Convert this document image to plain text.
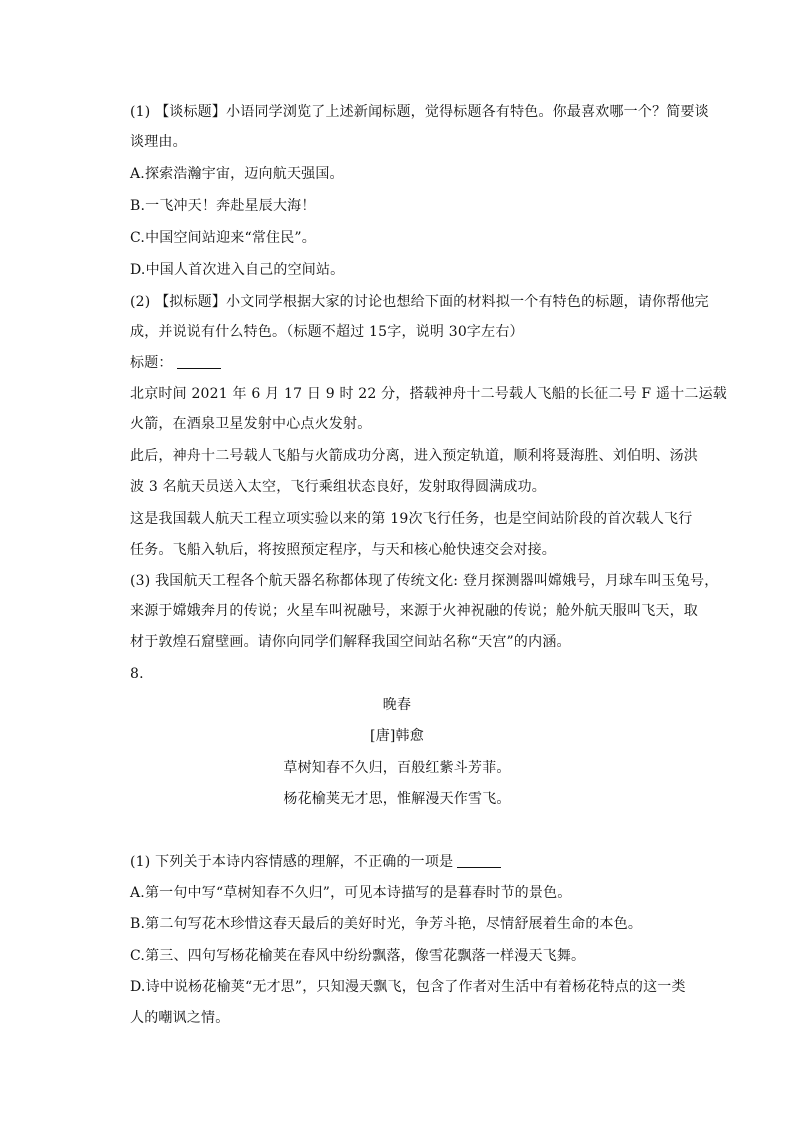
(1) 【谈标题】小语同学浏览了上述新闻标题，觉得标题各有特色。你最喜欢哪一个？简要谈
谈理由。
A.探索浩瀚宇宙，迈向航天强国。
B.一飞冲天！奔赴星辰大海！
C.中国空间站迎来“常住民”。
D.中国人首次进入自己的空间站。
(2) 【拟标题】小文同学根据大家的讨论也想给下面的材料拟一个有特色的标题，请你帮他完
成，并说说有什么特色。（标题不超过 15字，说明 30字左右）
标题：
北京时间 2021 年 6 月 17 日 9 时 22 分，搭载神舟十二号载人飞船的长征二号 F 遥十二运载
火箭，在酒泉卫星发射中心点火发射。
此后，神舟十二号载人飞船与火箭成功分离，进入预定轨道，顺利将聂海胜、刘伯明、汤洪
波 3 名航天员送入太空，飞行乘组状态良好，发射取得圆满成功。
这是我国载人航天工程立项实验以来的第 19次飞行任务，也是空间站阶段的首次载人飞行
任务。飞船入轨后，将按照预定程序，与天和核心舱快速交会对接。
(3) 我国航天工程各个航天器名称都体现了传统文化: 登月探测器叫嫦娥号，月球车叫玉兔号，
来源于嫦娥奔月的传说；火星车叫祝融号，来源于火神祝融的传说；舱外航天服叫飞天，取
材于敦煌石窟壁画。请你向同学们解释我国空间站名称“天宫”的内涵。
8.
晚春
[唐]韩愈
草树知春不久归，百般红紫斗芳菲。
杨花榆荚无才思，惟解漫天作雪飞。
(1) 下列关于本诗内容情感的理解，不正确的一项是
A.第一句中写“草树知春不久归”，可见本诗描写的是暮春时节的景色。
B.第二句写花木珍惜这春天最后的美好时光，争芳斗艳，尽情舒展着生命的本色。
C.第三、四句写杨花榆荚在春风中纷纷飘落，像雪花飘落一样漫天飞舞。
D.诗中说杨花榆荚“无才思”，只知漫天飘飞，包含了作者对生活中有着杨花特点的这一类
人的嘲讽之情。
